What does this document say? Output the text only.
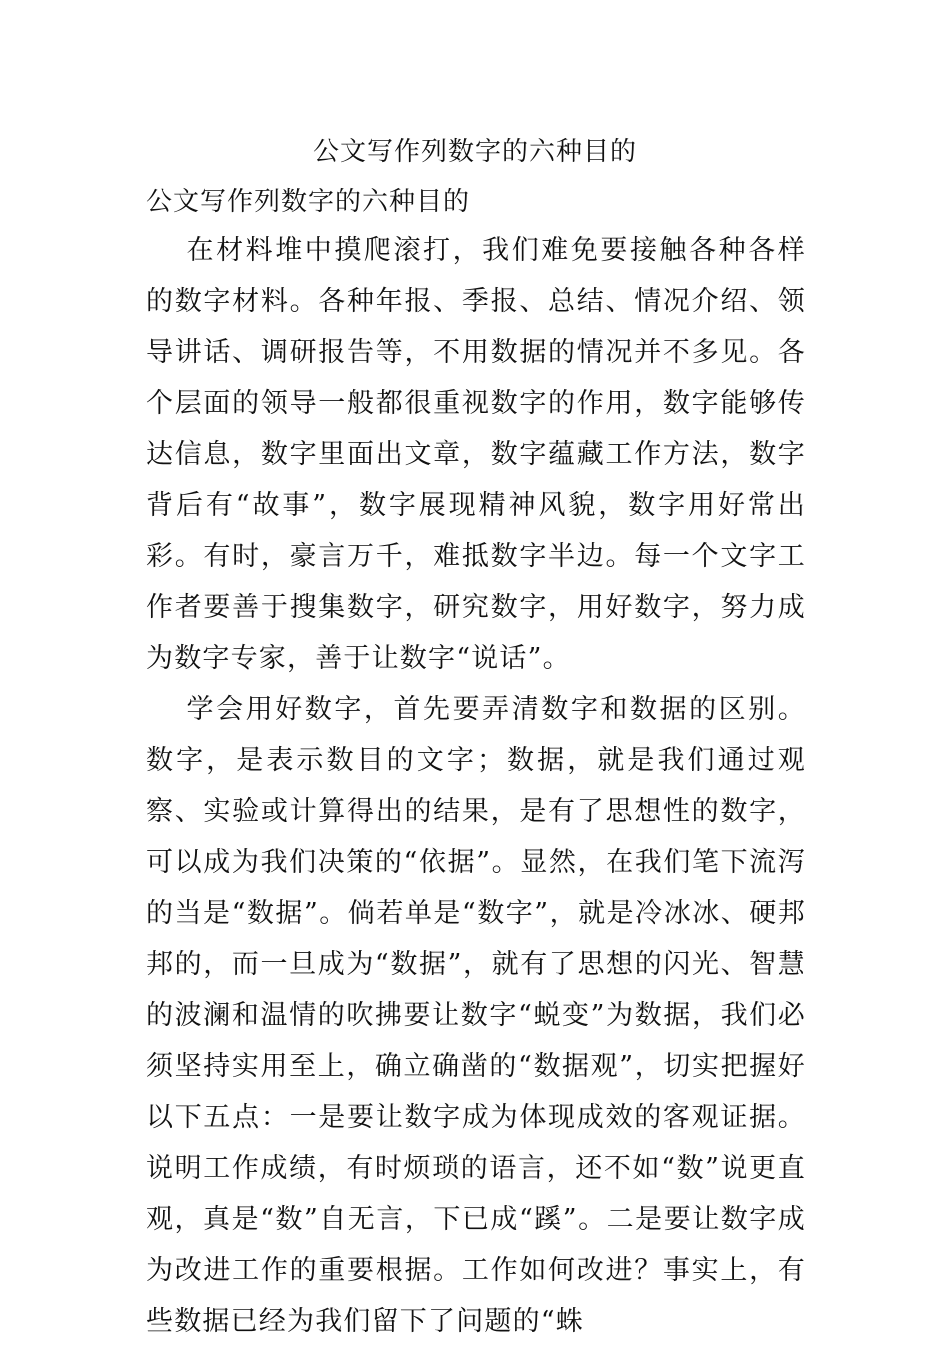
公文写作列数字的六种目的
公文写作列数字的六种目的

在材料堆中摸爬滚打，我们难免要接触各种各样的数字材料。各种年报、季报、总结、情况介绍、领导讲话、调研报告等，不用数据的情况并不多见。各个层面的领导一般都很重视数字的作用，数字能够传达信息，数字里面出文章，数字蕴藏工作方法，数字背后有“故事”，数字展现精神风貌，数字用好常出彩。有时，豪言万千，难抵数字半边。每一个文字工作者要善于搜集数字，研究数字，用好数字，努力成为数字专家，善于让数字“说话”。

学会用好数字，首先要弄清数字和数据的区别。数字，是表示数目的文字；数据，就是我们通过观察、实验或计算得出的结果，是有了思想性的数字，可以成为我们决策的“依据”。显然，在我们笔下流泻的当是“数据”。倘若单是“数字”，就是冷冰冰、硬邦邦的，而一旦成为“数据”，就有了思想的闪光、智慧的波澜和温情的吹拂要让数字“蜕变”为数据，我们必须坚持实用至上，确立确凿的“数据观”，切实把握好以下五点：一是要让数字成为体现成效的客观证据。说明工作成绩，有时烦琐的语言，还不如“数”说更直观，真是“数”自无言，下已成“蹊”。二是要让数字成为改进工作的重要根据。工作如何改进？事实上，有些数据已经为我们留下了问题的“蛛
